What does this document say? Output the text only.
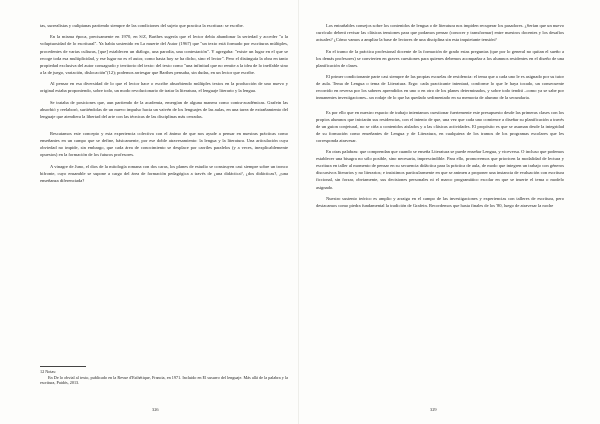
tas, surrealistas y oulipianas partiendo siempre de las condiciones del sujeto que practica la escritura: se escribe.

En la misma época, precisamente en 1970, en S/Z, Barthes sugería que el lector debía abandonar la seriedad y acceder "a la voluptuosidad de lo escritural". Ya había sostenido en La muerte del Autor (1967) que "un texto está formado por escrituras múltiples, procedentes de varias culturas, [que] establecen un diálogo, una parodia, una contestación". Y agregaba: "existe un lugar en el que se recoge toda esa multiplicidad, y ese lugar no es el autor, como hasta hoy se ha dicho, sino el lector". Pero el distinguía la obra en tanto propiedad exclusiva del autor consagrado y territorio del texto: del texto como "una infinitud que no remite a la idea de lo ineffable sino a la de juego, variación, dislocación"(12); podemos arriesgar que Barthes pensaba, sin dudas, en un lector que escribe.

Al pensar en esa diversidad de lo que el lector hace o escribe absorbiendo múltiples textos en la producción de uno nuevo y original estaba proponiendo, sobre todo, un modo revolucionario de tratar la literatura, el lenguaje literario y la lengua.

Se trataba de posiciones que, aun partiendo de la academia, emergían de alguna manera como contra-académicas. Grafein las absorbió y reelaboró, surtiéndolas de un nuevo impulso hacia un vaivén de los lenguajes de las aulas, en una tarea de extrañamiento del lenguaje que atendiera la libertad del arte con las técnicas de las disciplinas más cerradas.

Rescatamos este concepto y esta experiencia colectiva con el ánimo de que nos ayude a pensar en nuestras prácticas como enseñantes en un campo que se define, básicamente, por ese doble atravesamiento: la lengua y la literatura. Una articulación cuya obviedad no impide, sin embargo, que cada área de conocimiento se desplace por carriles paralelos (y a veces, inexplicablemente opuestos) en la formación de los futuros profesores.

A vinagre de Juno, el dios de la mitología romana con dos caras, los planes de estudio se construyen casi siempre sobre un tronco bifronte, cuyo ensamble se supone a cargo del área de formación pedagógica a través de ¿una didáctica?, ¿dos didácticas?, ¿una enseñanza diferenciada?

12 Notas:

En De lo obvial al texto, publicado en la Revue d'Esthétique, Francia, en 1971. Incluido en El susurro del lenguaje. Más allá de la palabra y la escritura, Paidós, 2013.

326

Los entrañables consejos sobre los contenidos de lengua o de literatura nos impiden recuperar los pasadores. ¿Serían que un nuevo currículo deberá revisar las clásicas tensiones para que podamos pensar (conocer y transformar) entre nuestros docentes y los desafíos actuales? ¿Cómo vamos a ampliar la base de lectores de una disciplina sin esta inquietante tensión?

En el tramo de la práctica profesional docente de la formación de grado estas preguntas (que por lo general no quitan el sueño a los demás profesores) se convierten en graves cuestiones para quienes debemos acompañar a los alumnos residentes en el diseño de una planificación de clases.

El primer condicionante parte casi siempre de las propias escuelas de residencia: el tema que a cada uno le es asignado por su tutor de aula. Tema de Lengua o tema de Literatura. Ergo: cada practicante intentará, conforme lo que le haya tocado, un consecuente recorrido en reversa por los saberes aprendidos en uno o en otro de los planes determinados, y sobre todo tendrá –como ya se sabe por inmanentes investigaciones– un rodaje de lo que ha quedado sedimentado en su memoria de alumno de la secundaria.

Es por ello que en nuestro espacio de trabajo intentamos cuestionar fuertemente este presupuesto desde las primeras clases con los propios alumnos que iniciarán sus residencias, con el intento de que, una vez que cada uno comience a diseñar su planificación a través de un guion conjetural, no se ciña a contenidos aislados y a las clásicas actividades. El propósito es que se asuman desde la integridad de su formación como enseñantes de Lengua y de Literatura, en cualquiera de los tramos de los programas escolares que les corresponda atravesar.

En otras palabras: que comprendan que cuando se enseña Literatura se puede enseñar Lengua, y viceversa. O incluso que podemos establecer una bisagra no sólo posible, sino necesaria, imprescindible. Para ello, promovemos que prioricen la modalidad de lectura y escritura en taller al momento de pensar en su secuencia didáctica para la práctica de aula, de modo que integren un trabajo con géneros discursivos literarios y no literarios; e insistimos particularmente en que se animen a proponer una instancia de evaluación con escritura ficcional, sin forzar, obviamente, sus decisiones personales ni el marco programático escolar en que se inserte el tema o modelo asignado.

Nuestro sustento teórico es amplio y arraiga en el campo de las investigaciones y experiencias con talleres de escritura, pero destacamos como piedra fundamental la tradición de Grafein. Recordemos que hasta finales de los '80, luego de atravesar la noche

329
